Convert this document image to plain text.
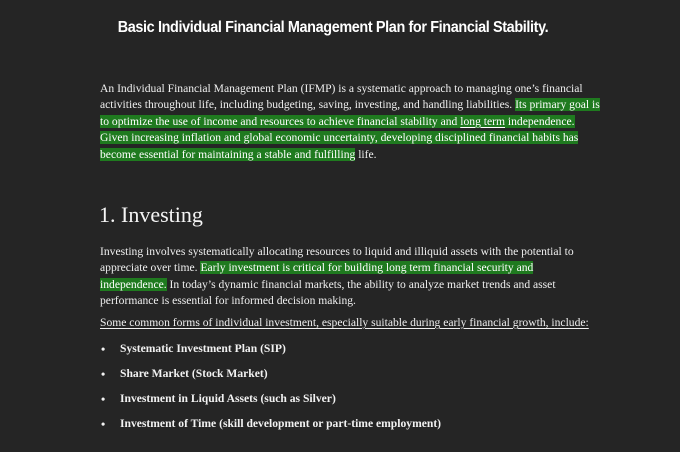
Basic Individual Financial Management Plan for Financial Stability.
An Individual Financial Management Plan (IFMP) is a systematic approach to managing one’s financial activities throughout life, including budgeting, saving, investing, and handling liabilities. Its primary goal is to optimize the use of income and resources to achieve financial stability and long term independence. Given increasing inflation and global economic uncertainty, developing disciplined financial habits has become essential for maintaining a stable and fulfilling life.
1. Investing
Investing involves systematically allocating resources to liquid and illiquid assets with the potential to appreciate over time. Early investment is critical for building long term financial security and independence. In today’s dynamic financial markets, the ability to analyze market trends and asset performance is essential for informed decision making.
Some common forms of individual investment, especially suitable during early financial growth, include:
• Systematic Investment Plan (SIP)
• Share Market (Stock Market)
• Investment in Liquid Assets (such as Silver)
• Investment of Time (skill development or part-time employment)
